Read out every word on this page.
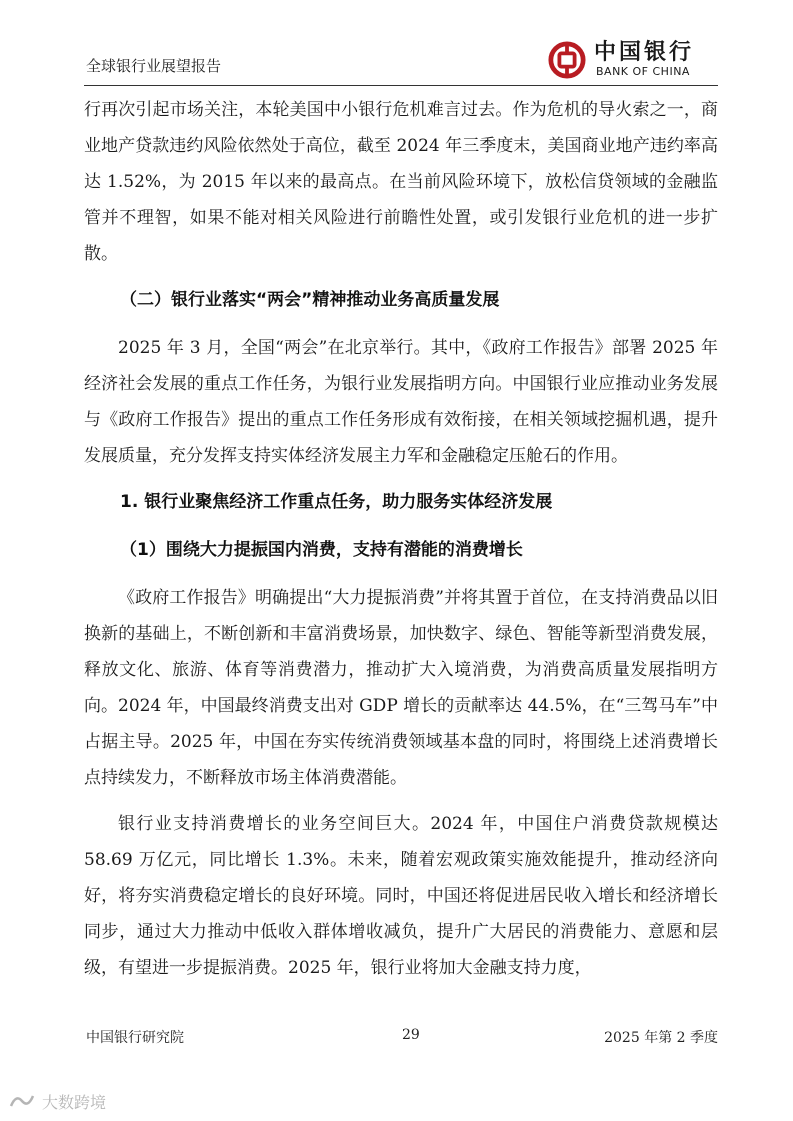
全球银行业展望报告
中国银行
BANK OF CHINA

行再次引起市场关注，本轮美国中小银行危机难言过去。作为危机的导火索之一，商业地产贷款违约风险依然处于高位，截至 2024 年三季度末，美国商业地产违约率高达 1.52%，为 2015 年以来的最高点。在当前风险环境下，放松信贷领域的金融监管并不理智，如果不能对相关风险进行前瞻性处置，或引发银行业危机的进一步扩散。

（二）银行业落实“两会”精神推动业务高质量发展

2025 年 3 月，全国“两会”在北京举行。其中，《政府工作报告》部署 2025 年经济社会发展的重点工作任务，为银行业发展指明方向。中国银行业应推动业务发展与《政府工作报告》提出的重点工作任务形成有效衔接，在相关领域挖掘机遇，提升发展质量，充分发挥支持实体经济发展主力军和金融稳定压舱石的作用。

1. 银行业聚焦经济工作重点任务，助力服务实体经济发展
（1）围绕大力提振国内消费，支持有潜能的消费增长

《政府工作报告》明确提出“大力提振消费”并将其置于首位，在支持消费品以旧换新的基础上，不断创新和丰富消费场景，加快数字、绿色、智能等新型消费发展，释放文化、旅游、体育等消费潜力，推动扩大入境消费，为消费高质量发展指明方向。2024 年，中国最终消费支出对 GDP 增长的贡献率达 44.5%，在“三驾马车”中占据主导。2025 年，中国在夯实传统消费领域基本盘的同时，将围绕上述消费增长点持续发力，不断释放市场主体消费潜能。

银行业支持消费增长的业务空间巨大。2024 年，中国住户消费贷款规模达 58.69 万亿元，同比增长 1.3%。未来，随着宏观政策实施效能提升，推动经济向好，将夯实消费稳定增长的良好环境。同时，中国还将促进居民收入增长和经济增长同步，通过大力推动中低收入群体增收减负，提升广大居民的消费能力、意愿和层级，有望进一步提振消费。2025 年，银行业将加大金融支持力度，

中国银行研究院	29	2025 年第 2 季度
大数跨境
